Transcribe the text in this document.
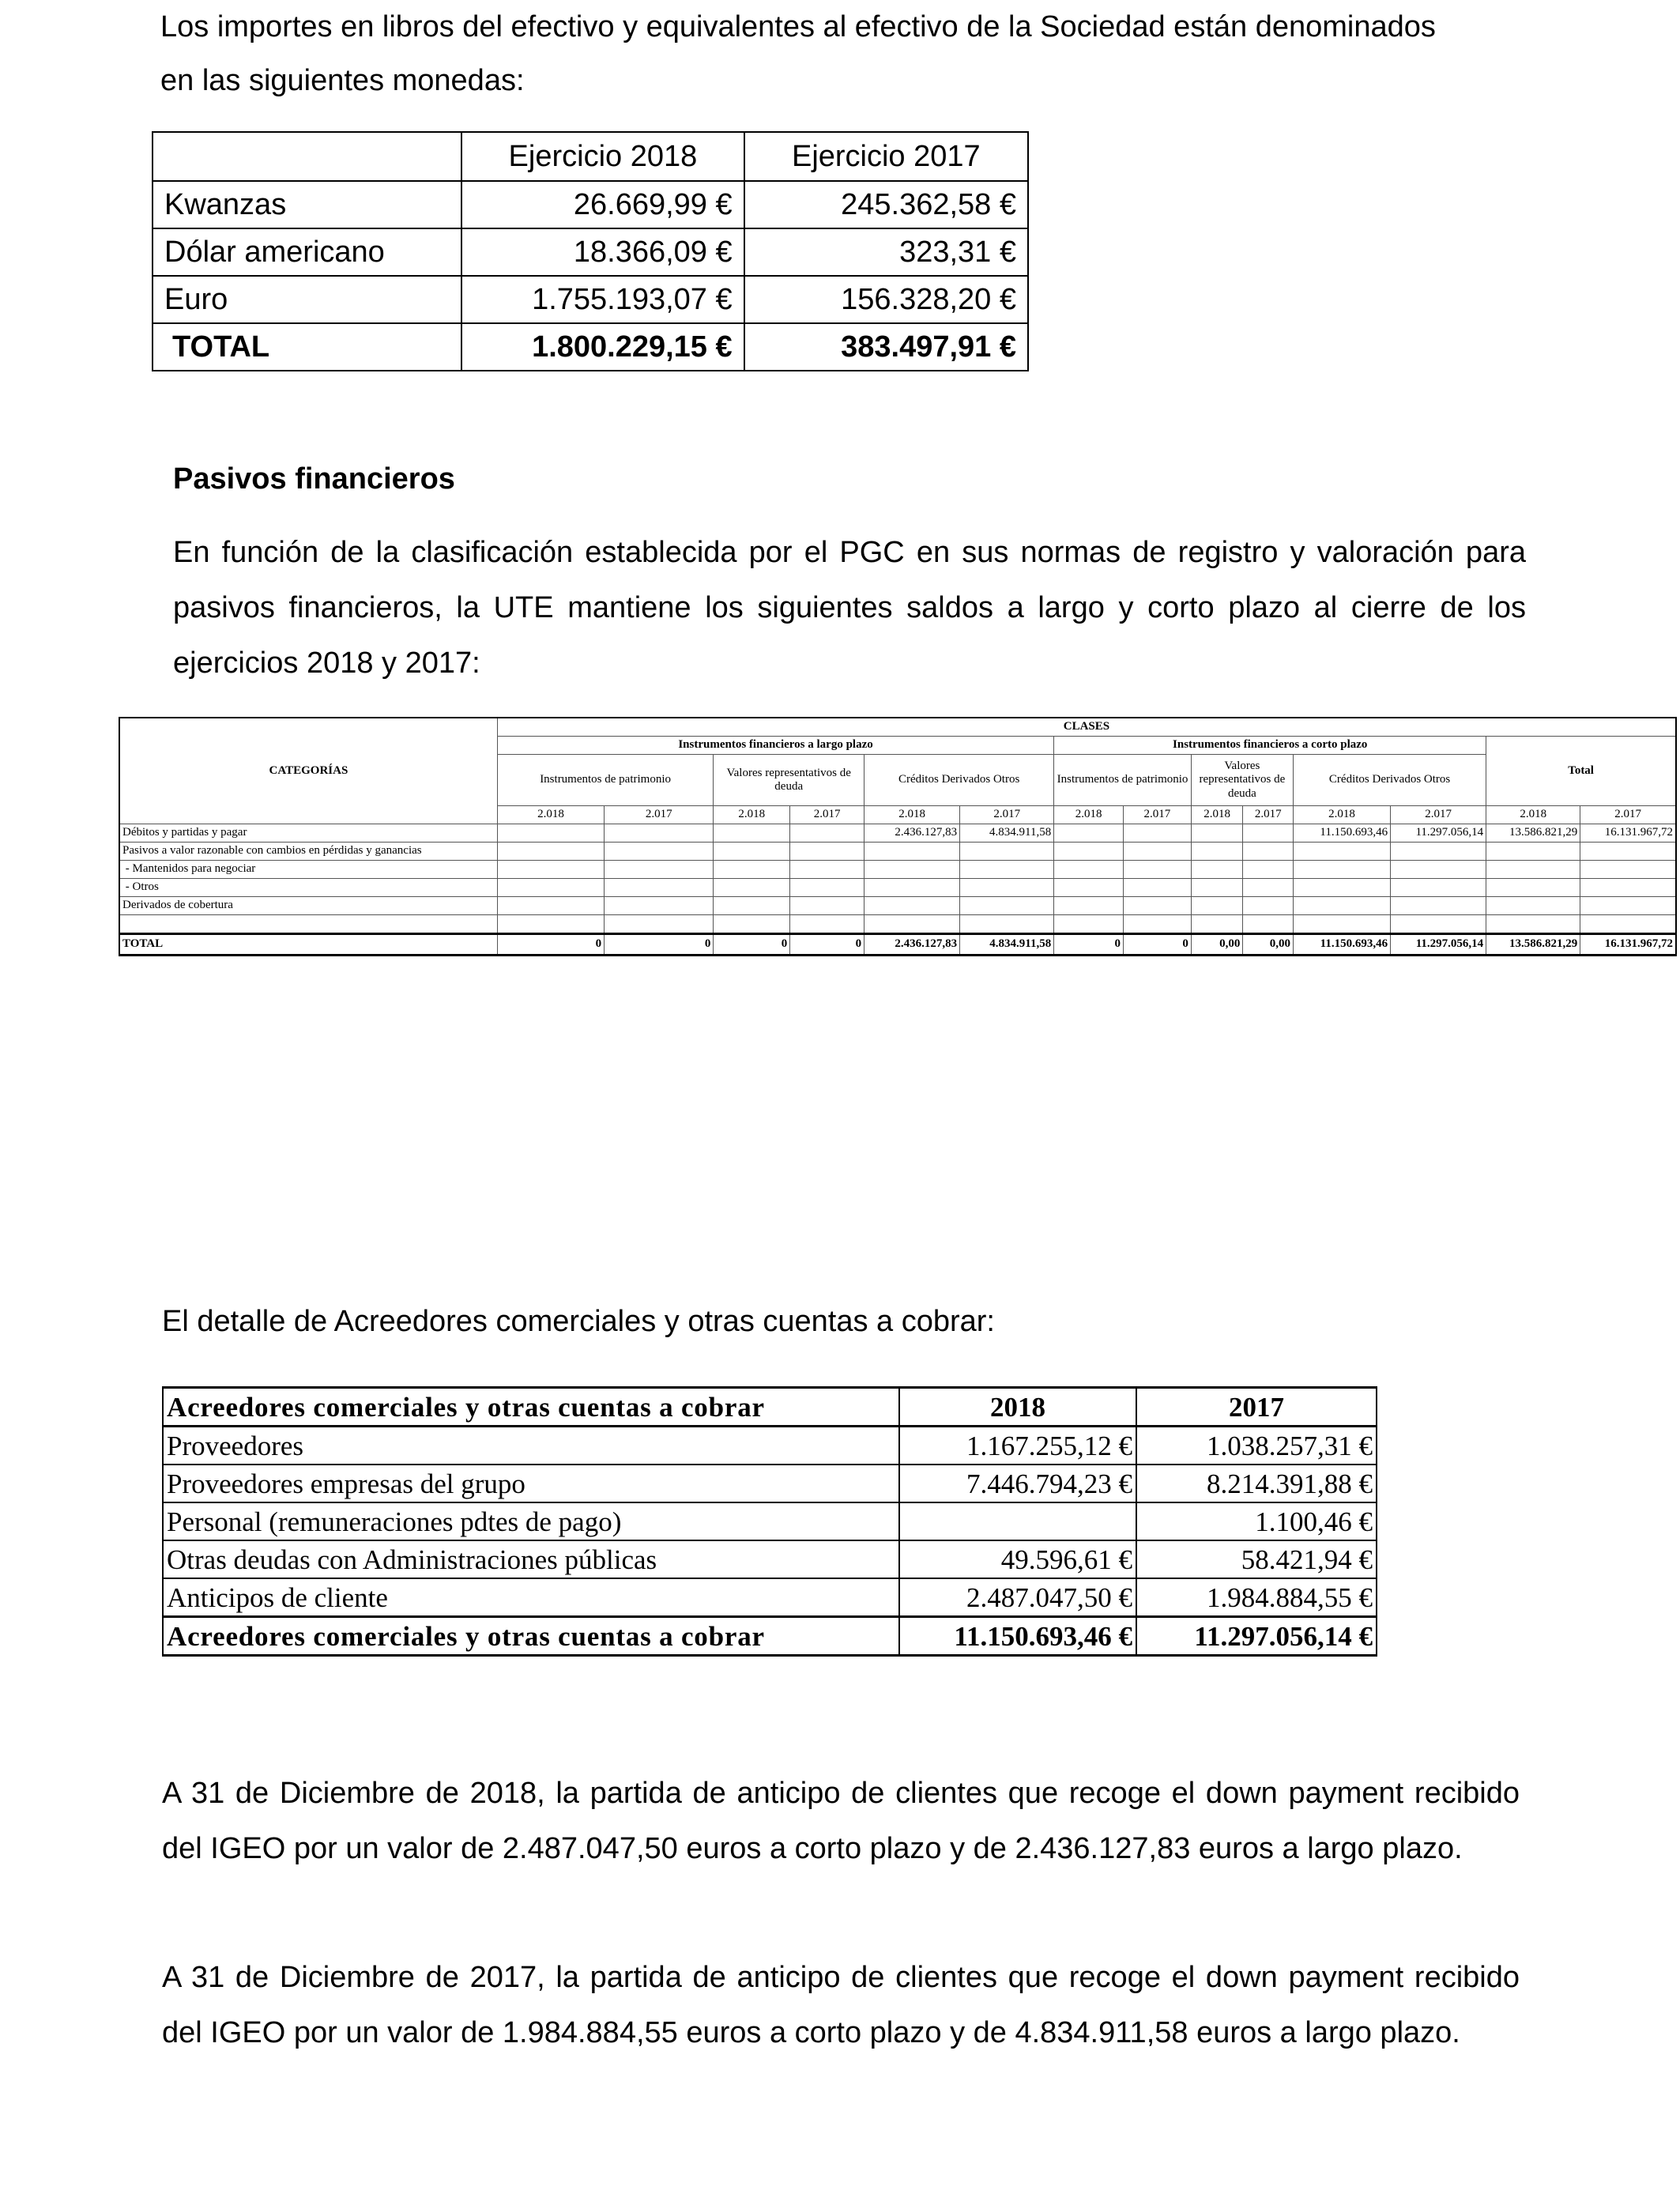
Los importes en libros del efectivo y equivalentes al efectivo de la Sociedad están denominados
en las siguientes monedas:
	Ejercicio 2018	Ejercicio 2017
Kwanzas	26.669,99 €	245.362,58 €
Dólar americano	18.366,09 €	323,31 €
Euro	1.755.193,07 €	156.328,20 €
TOTAL	1.800.229,15 €	383.497,91 €
Pasivos financieros

En función de la clasificación establecida por el PGC en sus normas de registro y valoración para pasivos financieros, la UTE mantiene los siguientes saldos a largo y corto plazo al cierre de los ejercicios 2018 y 2017:

CATEGORÍAS	CLASES													
	Instrumentos financieros a largo plazo						Instrumentos financieros a corto plazo						Total	
	Instrumentos de patrimonio		Valores representativos de deuda		Créditos Derivados Otros		Instrumentos de patrimonio		Valores representativos de deuda		Créditos Derivados Otros			
	2.018	2.017	2.018	2.017	2.018	2.017	2.018	2.017	2.018	2.017	2.018	2.017	2.018	2.017
Débitos y partidas y pagar					2.436.127,83	4.834.911,58					11.150.693,46	11.297.056,14	13.586.821,29	16.131.967,72
Pasivos a valor razonable con cambios en pérdidas y ganancias														
- Mantenidos para negociar														
- Otros														
Derivados de cobertura														

TOTAL	0	0	0	0	2.436.127,83	4.834.911,58	0	0	0,00	0,00	11.150.693,46	11.297.056,14	13.586.821,29	16.131.967,72
El detalle de Acreedores comerciales y otras cuentas a cobrar:
Acreedores comerciales y otras cuentas a cobrar	2018	2017
Proveedores	1.167.255,12 €	1.038.257,31 €
Proveedores empresas del grupo	7.446.794,23 €	8.214.391,88 €
Personal (remuneraciones pdtes de pago)		1.100,46 €
Otras deudas con Administraciones públicas	49.596,61 €	58.421,94 €
Anticipos de cliente	2.487.047,50 €	1.984.884,55 €
Acreedores comerciales y otras cuentas a cobrar	11.150.693,46 €	11.297.056,14 €

A 31 de Diciembre de 2018, la partida de anticipo de clientes que recoge el down payment recibido del IGEO por un valor de 2.487.047,50 euros a corto plazo y de 2.436.127,83 euros a largo plazo.

A 31 de Diciembre de 2017, la partida de anticipo de clientes que recoge el down payment recibido del IGEO por un valor de 1.984.884,55 euros a corto plazo y de 4.834.911,58 euros a largo plazo.
